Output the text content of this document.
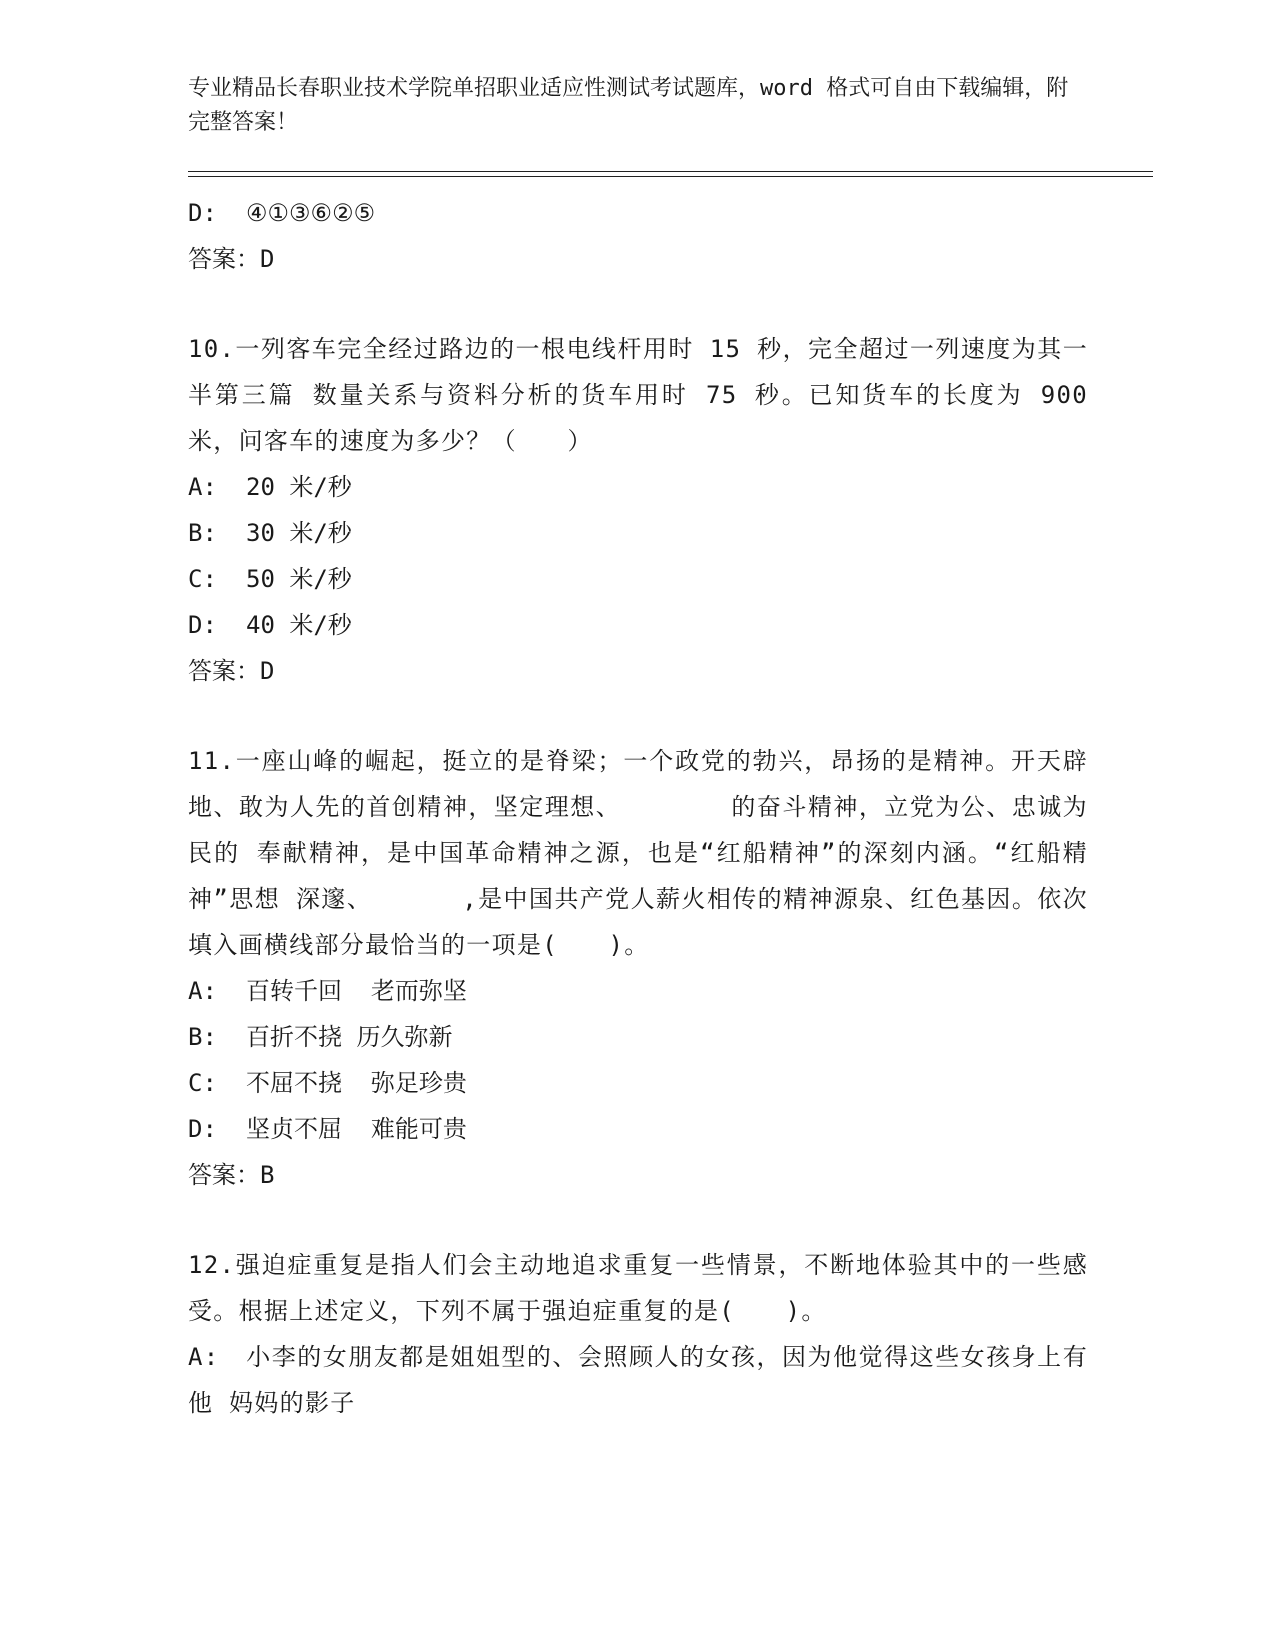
专业精品长春职业技术学院单招职业适应性测试考试题库，word 格式可自由下载编辑，附完整答案！
D: ④①③⑥②⑤
答案：D

10.一列客车完全经过路边的一根电线杆用时 15 秒，完全超过一列速度为其一半第三篇 数量关系与资料分析的货车用时 75 秒。已知货车的长度为 900 米，问客车的速度为多少？（　　）

A: 20 米/秒
B: 30 米/秒
C: 50 米/秒
D: 40 米/秒
答案：D

11.一座山峰的崛起，挺立的是脊梁；一个政党的勃兴，昂扬的是精神。开天辟 地、敢为人先的首创精神，坚定理想、	的奋斗精神，立党为公、忠诚为民的 奉献精神，是中国革命精神之源，也是“红船精神”的深刻内涵。“红船精神”思想 深邃、	,是中国共产党人薪火相传的精神源泉、红色基因。依次填入画横线部分最恰当的一项是(　　)。

A: 百转千回  老而弥坚
B: 百折不挠 历久弥新
C: 不屈不挠  弥足珍贵
D: 坚贞不屈  难能可贵
答案：B

12.强迫症重复是指人们会主动地追求重复一些情景，不断地体验其中的一些感受。根据上述定义，下列不属于强迫症重复的是(　　)。

A: 小李的女朋友都是姐姐型的、会照顾人的女孩，因为他觉得这些女孩身上有他 妈妈的影子
